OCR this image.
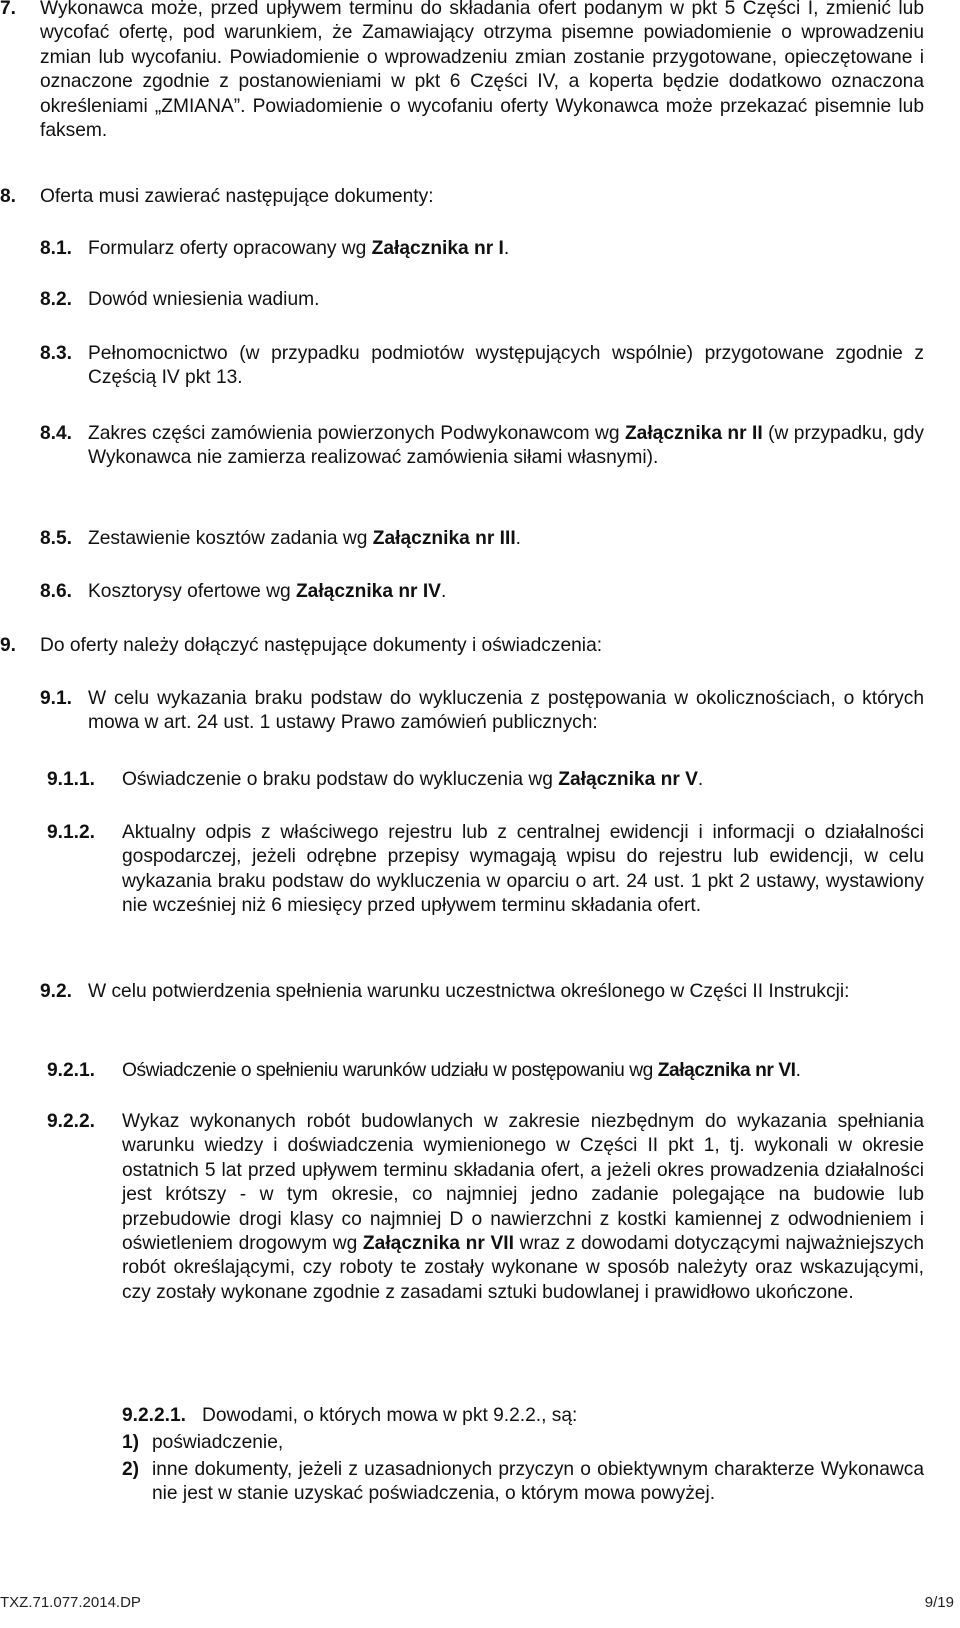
7.	Wykonawca może, przed upływem terminu do składania ofert podanym w pkt 5 Części I, zmienić lub wycofać ofertę, pod warunkiem, że Zamawiający otrzyma pisemne powiadomienie o wprowadzeniu zmian lub wycofaniu. Powiadomienie o wprowadzeniu zmian zostanie przygotowane, opieczętowane i oznaczone zgodnie z postanowieniami w pkt 6 Części IV, a koperta będzie dodatkowo oznaczona określeniami „ZMIANA”. Powiadomienie o wycofaniu oferty Wykonawca może przekazać pisemnie lub faksem.
8.	Oferta musi zawierać następujące dokumenty:
8.1. Formularz oferty opracowany wg Załącznika nr I.
8.2. Dowód wniesienia wadium.
8.3. Pełnomocnictwo (w przypadku podmiotów występujących wspólnie) przygotowane zgodnie z Częścią IV pkt 13.
8.4. Zakres części zamówienia powierzonych Podwykonawcom wg Załącznika nr II (w przypadku, gdy Wykonawca nie zamierza realizować zamówienia siłami własnymi).
8.5. Zestawienie kosztów zadania wg Załącznika nr III.
8.6. Kosztorysy ofertowe wg Załącznika nr IV.
9.	Do oferty należy dołączyć następujące dokumenty i oświadczenia:
9.1. W celu wykazania braku podstaw do wykluczenia z postępowania w okolicznościach, o których mowa w art. 24 ust. 1 ustawy Prawo zamówień publicznych:
9.1.1.	Oświadczenie o braku podstaw do wykluczenia wg Załącznika nr V.
9.1.2.	Aktualny odpis z właściwego rejestru lub z centralnej ewidencji i informacji o działalności gospodarczej, jeżeli odrębne przepisy wymagają wpisu do rejestru lub ewidencji, w celu wykazania braku podstaw do wykluczenia w oparciu o art. 24 ust. 1 pkt 2 ustawy, wystawiony nie wcześniej niż 6 miesięcy przed upływem terminu składania ofert.
9.2. W celu potwierdzenia spełnienia warunku uczestnictwa określonego w Części II Instrukcji:
9.2.1.	Oświadczenie o spełnieniu warunków udziału w postępowaniu wg Załącznika nr VI.
9.2.2.	Wykaz wykonanych robót budowlanych w zakresie niezbędnym do wykazania spełniania warunku wiedzy i doświadczenia wymienionego w Części II pkt 1, tj. wykonali w okresie ostatnich 5 lat przed upływem terminu składania ofert, a jeżeli okres prowadzenia działalności jest krótszy - w tym okresie, co najmniej jedno zadanie polegające na budowie lub przebudowie drogi klasy co najmniej D o nawierzchni z kostki kamiennej z odwodnieniem i oświetleniem drogowym wg Załącznika nr VII wraz z dowodami dotyczącymi najważniejszych robót określającymi, czy roboty te zostały wykonane w sposób należyty oraz wskazującymi, czy zostały wykonane zgodnie z zasadami sztuki budowlanej i prawidłowo ukończone.
9.2.2.1. Dowodami, o których mowa w pkt 9.2.2., są:
1) poświadczenie,
2) inne dokumenty, jeżeli z uzasadnionych przyczyn o obiektywnym charakterze Wykonawca nie jest w stanie uzyskać poświadczenia, o którym mowa powyżej.
TXZ.71.077.2014.DP	9/19
